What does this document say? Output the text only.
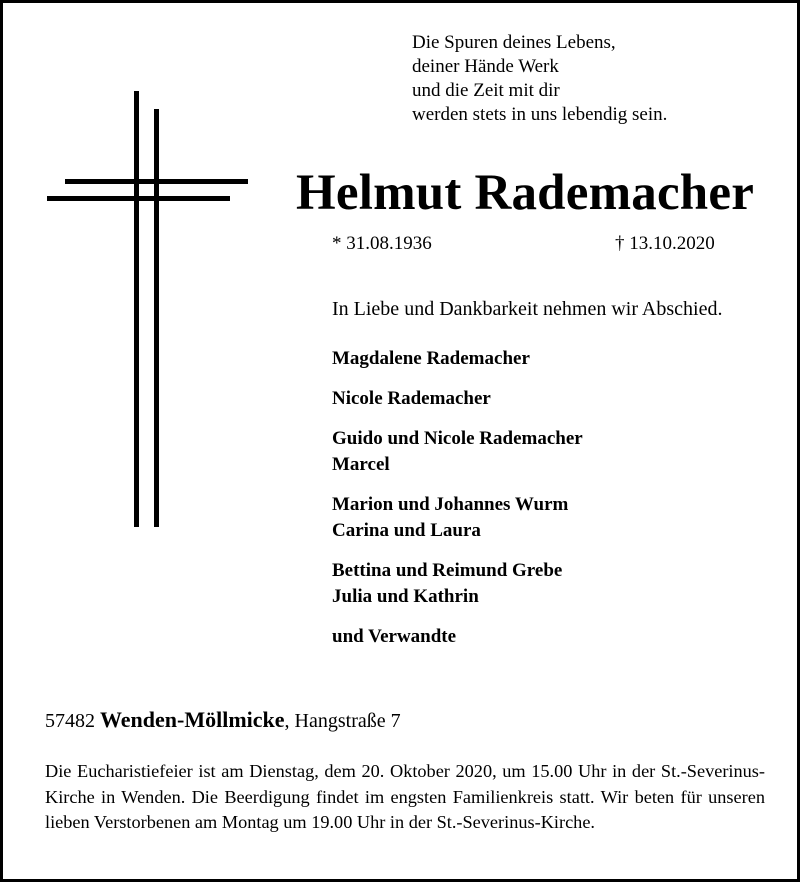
Die Spuren deines Lebens,
deiner Hände Werk
und die Zeit mit dir
werden stets in uns lebendig sein.
Helmut Rademacher
* 31.08.1936	† 13.10.2020
In Liebe und Dankbarkeit nehmen wir Abschied.
Magdalene Rademacher
Nicole Rademacher
Guido und Nicole Rademacher
Marcel
Marion und Johannes Wurm
Carina und Laura
Bettina und Reimund Grebe
Julia und Kathrin
und Verwandte
57482 Wenden-Möllmicke, Hangstraße 7
Die Eucharistiefeier ist am Dienstag, dem 20. Oktober 2020, um 15.00 Uhr in der St.-Severinus-Kirche in Wenden. Die Beerdigung findet im engsten Familienkreis statt. Wir beten für unseren lieben Verstorbenen am Montag um 19.00 Uhr in der St.-Severinus-Kirche.
